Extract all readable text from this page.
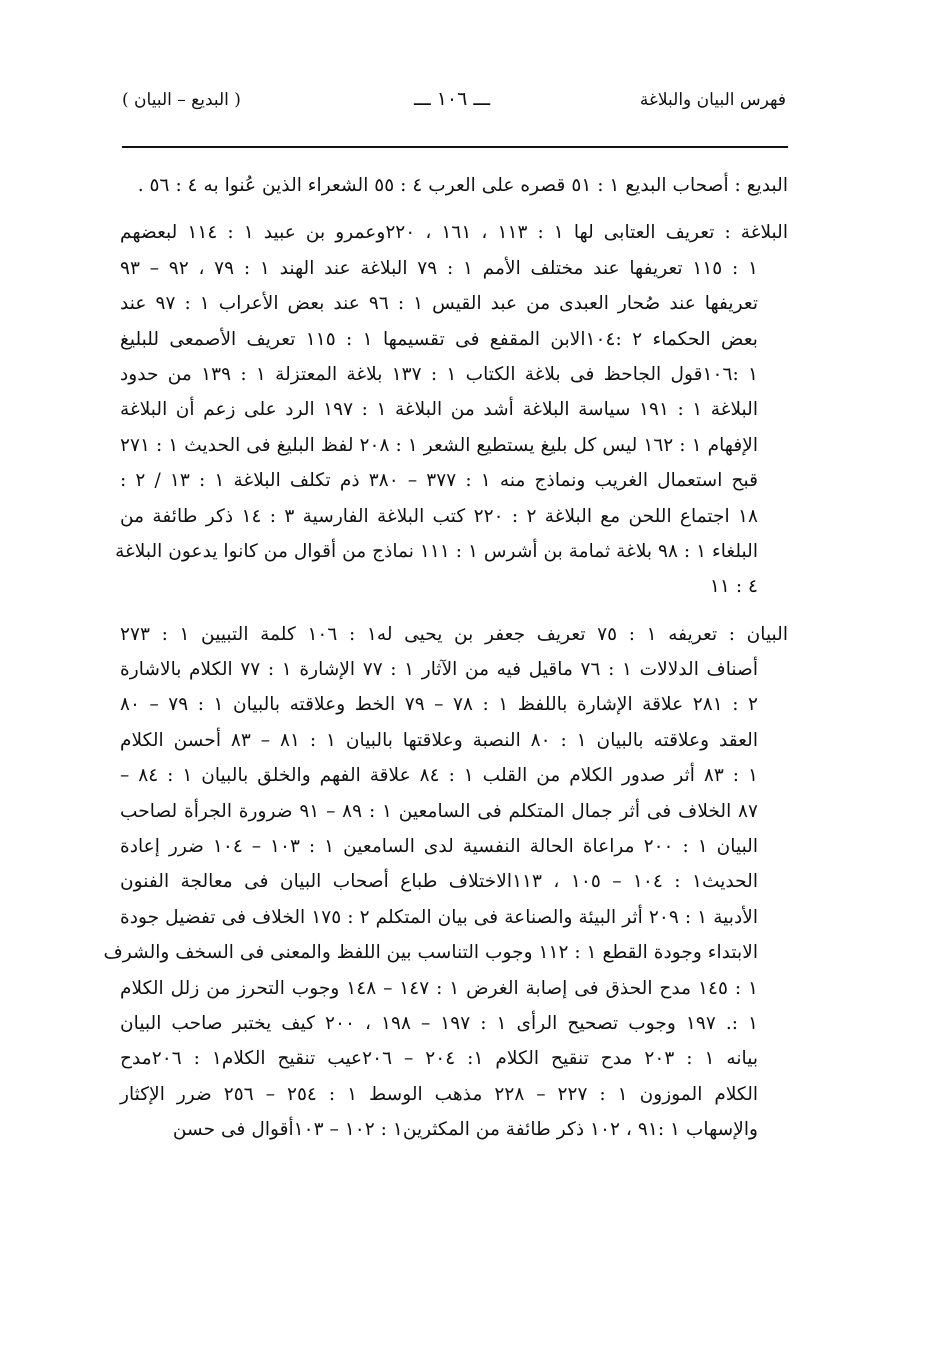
فهرس البيان والبلاغة
ـــ ١٠٦ ـــ
( البديع – البيان )
البديع : أصحاب البديع ١ : ٥١ قصره على العرب ٤ : ٥٥ الشعراء الذين عُنوا به ٤ : ٥٦ .
البلاغة : تعريف العتابى لها ١ : ١١٣ ، ١٦١ ، ٢٢٠وعمرو بن عبيد ١ : ١١٤ لبعضهم
١ : ١١٥ تعريفها عند مختلف الأمم ١ : ٧٩ البلاغة عند الهند ١ : ٧٩ ، ٩٢ – ٩٣
تعريفها عند صُحار العبدى من عبد القيس ١ : ٩٦ عند بعض الأعراب ١ : ٩٧ عند
بعض الحكماء ٢ :١٠٤الابن المقفع فى تقسيمها ١ : ١١٥ تعريف الأصمعى للبليغ
١ :١٠٦قول الجاحظ فى بلاغة الكتاب ١ : ١٣٧ بلاغة المعتزلة ١ : ١٣٩ من حدود
البلاغة ١ : ١٩١ سياسة البلاغة أشد من البلاغة ١ : ١٩٧ الرد على زعم أن البلاغة
الإفهام ١ : ١٦٢ ليس كل بليغ يستطيع الشعر ١ : ٢٠٨ لفظ البليغ فى الحديث ١ : ٢٧١
قبح استعمال الغريب ونماذج منه ١ : ٣٧٧ – ٣٨٠ ذم تكلف البلاغة ١ : ١٣ / ٢ :
١٨ اجتماع اللحن مع البلاغة ٢ : ٢٢٠ كتب البلاغة الفارسية ٣ : ١٤ ذكر طائفة من
البلغاء ١ : ٩٨ بلاغة ثمامة بن أشرس ١ : ١١١ نماذج من أقوال من كانوا يدعون البلاغة
٤ : ١١
البيان : تعريفه ١ : ٧٥ تعريف جعفر بن يحيى له١ : ١٠٦ كلمة التبيين ١ : ٢٧٣
أصناف الدلالات ١ : ٧٦ ماقيل فيه من الآثار ١ : ٧٧ الإشارة ١ : ٧٧ الكلام بالاشارة
٢ : ٢٨١ علاقة الإشارة باللفظ ١ : ٧٨ – ٧٩ الخط وعلاقته بالبيان ١ : ٧٩ – ٨٠
العقد وعلاقته بالبيان ١ : ٨٠ النصبة وعلاقتها بالبيان ١ : ٨١ – ٨٣ أحسن الكلام
١ : ٨٣ أثر صدور الكلام من القلب ١ : ٨٤ علاقة الفهم والخلق بالبيان ١ : ٨٤ –
٨٧ الخلاف فى أثر جمال المتكلم فى السامعين ١ : ٨٩ – ٩١ ضرورة الجرأة لصاحب
البيان ١ : ٢٠٠ مراعاة الحالة النفسية لدى السامعين ١ : ١٠٣ – ١٠٤ ضرر إعادة
الحديث١ : ١٠٤ – ١٠٥ ، ١١٣الاختلاف طباع أصحاب البيان فى معالجة الفنون
الأدبية ١ : ٢٠٩ أثر البيئة والصناعة فى بيان المتكلم ٢ : ١٧٥ الخلاف فى تفضيل جودة
الابتداء وجودة القطع ١ : ١١٢ وجوب التناسب بين اللفظ والمعنى فى السخف والشرف
١ : ١٤٥ مدح الحذق فى إصابة الغرض ١ : ١٤٧ – ١٤٨ وجوب التحرز من زلل الكلام
١ :. ١٩٧ وجوب تصحيح الرأى ١ : ١٩٧ – ١٩٨ ، ٢٠٠ كيف يختبر صاحب البيان
بيانه ١ : ٢٠٣ مدح تنقيح الكلام ١: ٢٠٤ – ٢٠٦عيب تنقيح الكلام١ : ٢٠٦مدح
الكلام الموزون ١ : ٢٢٧ – ٢٢٨ مذهب الوسط ١ : ٢٥٤ – ٢٥٦ ضرر الإكثار
والإسهاب ١ :٩١ ، ١٠٢ ذكر طائفة من المكثرين١ : ١٠٢ – ١٠٣أقوال فى حسن
